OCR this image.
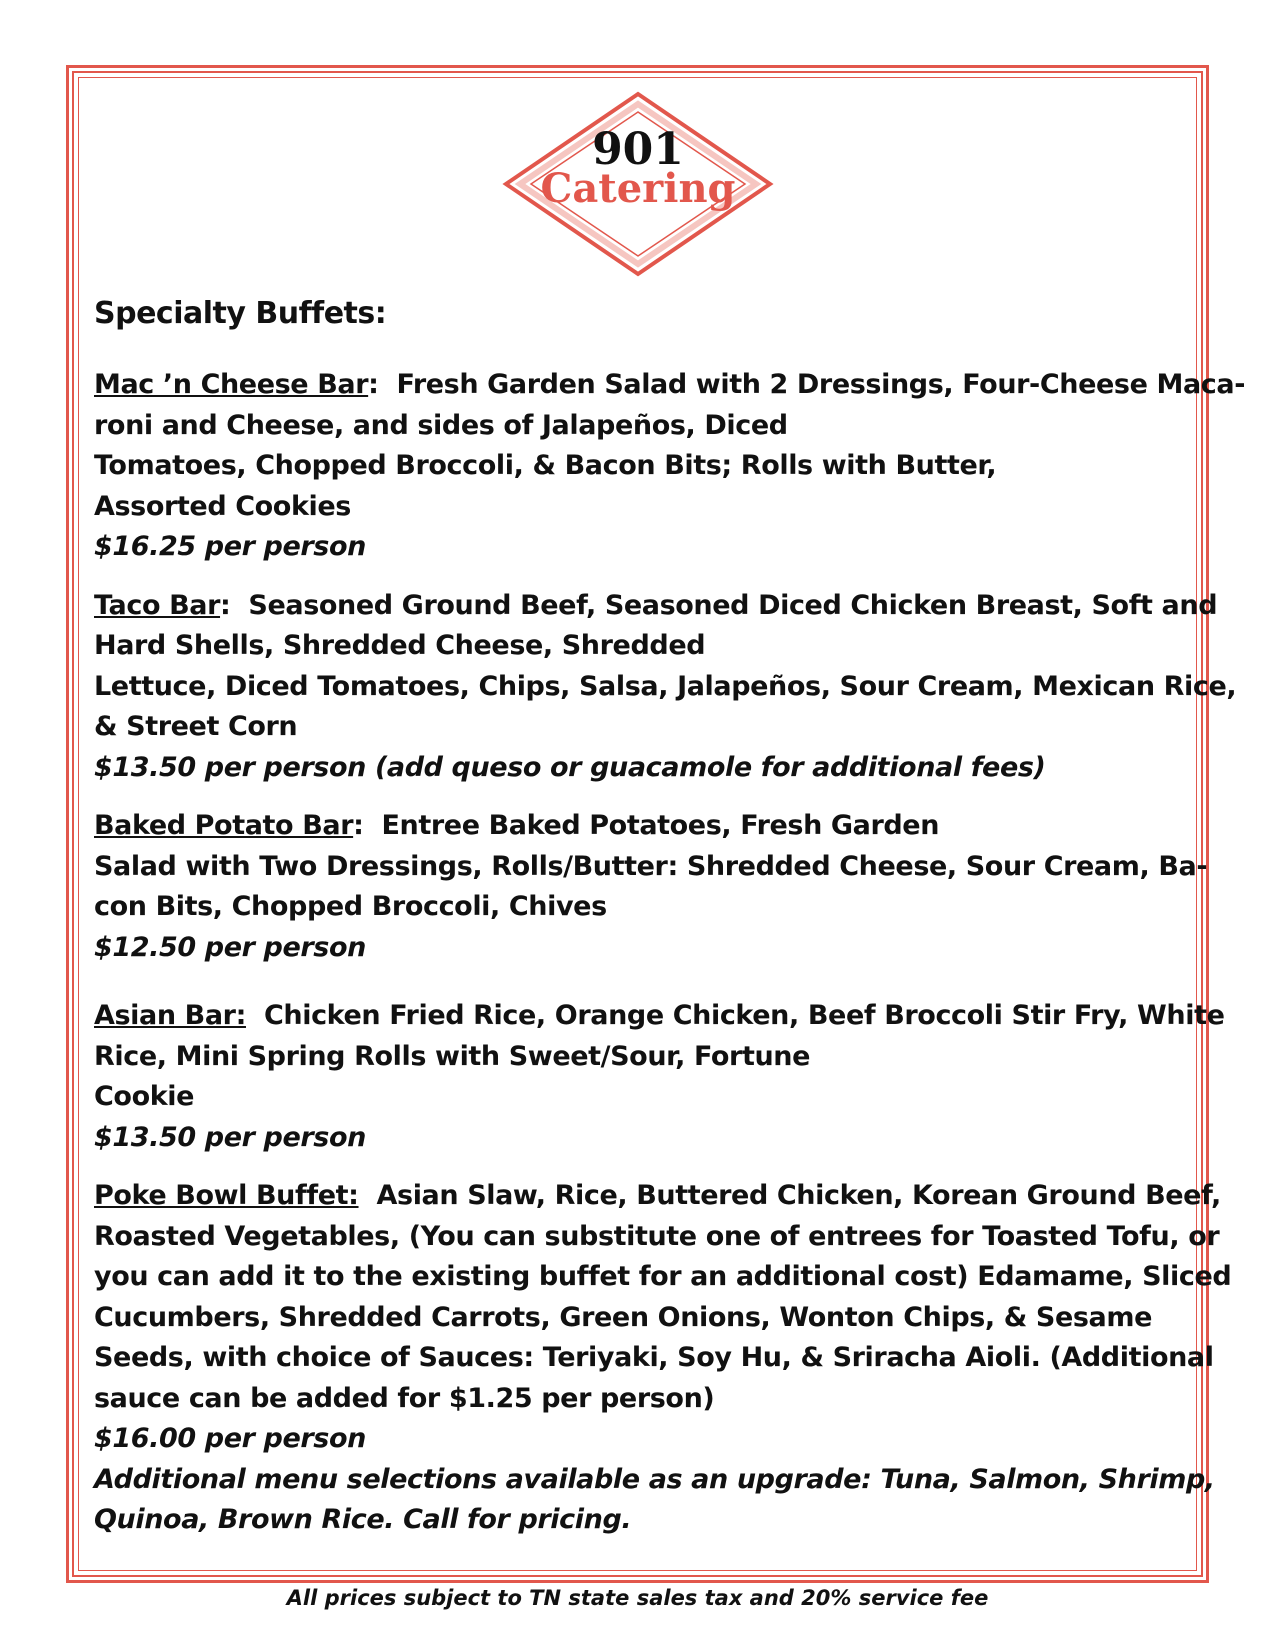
901
Catering
Specialty Buffets:
Mac ’n Cheese Bar:  Fresh Garden Salad with 2 Dressings, Four-Cheese Maca-
roni and Cheese, and sides of Jalapeños, Diced
Tomatoes, Chopped Broccoli, & Bacon Bits; Rolls with Butter,
Assorted Cookies
$16.25 per person
Taco Bar:  Seasoned Ground Beef, Seasoned Diced Chicken Breast, Soft and
Hard Shells, Shredded Cheese, Shredded
Lettuce, Diced Tomatoes, Chips, Salsa, Jalapeños, Sour Cream, Mexican Rice,
& Street Corn
$13.50 per person (add queso or guacamole for additional fees)
Baked Potato Bar:  Entree Baked Potatoes, Fresh Garden
Salad with Two Dressings, Rolls/Butter: Shredded Cheese, Sour Cream, Ba-
con Bits, Chopped Broccoli, Chives
$12.50 per person
Asian Bar:  Chicken Fried Rice, Orange Chicken, Beef Broccoli Stir Fry, White
Rice, Mini Spring Rolls with Sweet/Sour, Fortune
Cookie
$13.50 per person
Poke Bowl Buffet:  Asian Slaw, Rice, Buttered Chicken, Korean Ground Beef,
Roasted Vegetables, (You can substitute one of entrees for Toasted Tofu, or
you can add it to the existing buffet for an additional cost) Edamame, Sliced
Cucumbers, Shredded Carrots, Green Onions, Wonton Chips, & Sesame
Seeds, with choice of Sauces: Teriyaki, Soy Hu, & Sriracha Aioli. (Additional
sauce can be added for $1.25 per person)
$16.00 per person
Additional menu selections available as an upgrade: Tuna, Salmon, Shrimp,
Quinoa, Brown Rice. Call for pricing.
All prices subject to TN state sales tax and 20% service fee
